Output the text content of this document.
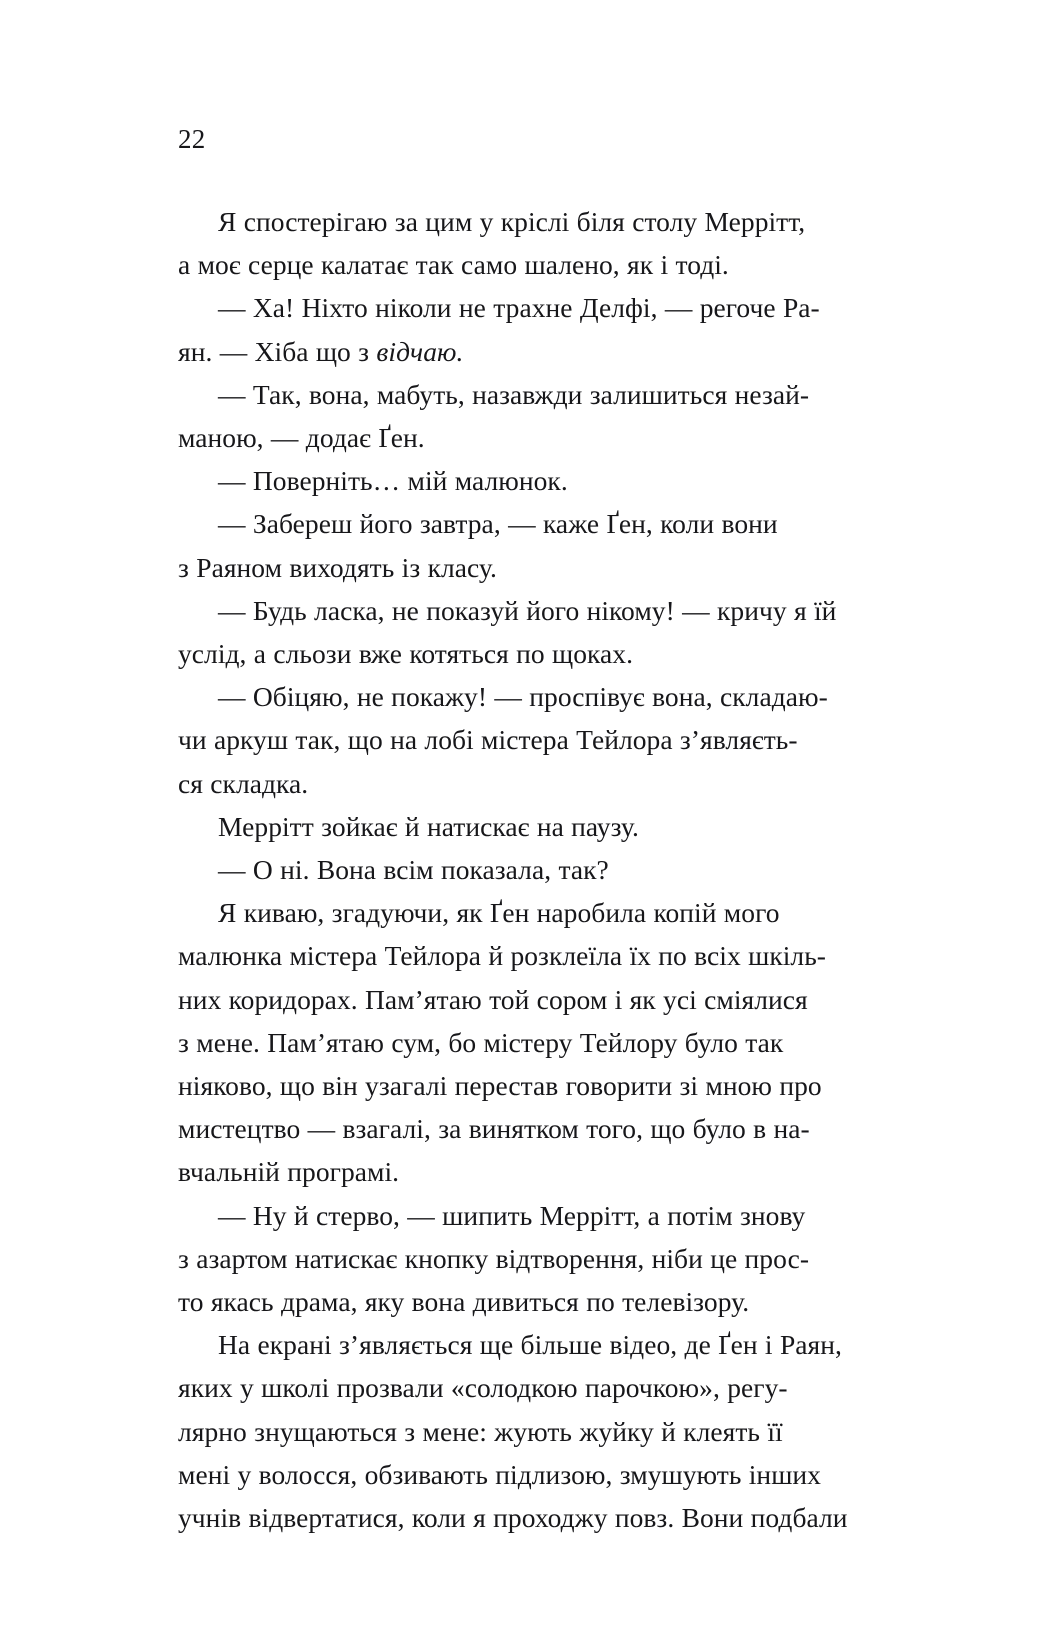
22
Я спостерігаю за цим у кріслі біля столу Меррітт,
а моє серце калатає так само шалено, як і тоді.
— Ха! Ніхто ніколи не трахне Делфі, — регоче Ра-
ян. — Хіба що з відчаю.
— Так, вона, мабуть, назавжди залишиться незай-
маною, — додає Ґен.
— Поверніть… мій малюнок.
— Забереш його завтра, — каже Ґен, коли вони
з Раяном виходять із класу.
— Будь ласка, не показуй його нікому! — кричу я їй
услід, а сльози вже котяться по щоках.
— Обіцяю, не покажу! — проспівує вона, складаю-
чи аркуш так, що на лобі містера Тейлора з’являєть-
ся складка.
Меррітт зойкає й натискає на паузу.
— О ні. Вона всім показала, так?
Я киваю, згадуючи, як Ґен наробила копій мого
малюнка містера Тейлора й розклеїла їх по всіх шкіль-
них коридорах. Пам’ятаю той сором і як усі сміялися
з мене. Пам’ятаю сум, бо містеру Тейлору було так
ніяково, що він узагалі перестав говорити зі мною про
мистецтво — взагалі, за винятком того, що було в на-
вчальній програмі.
— Ну й стерво, — шипить Меррітт, а потім знову
з азартом натискає кнопку відтворення, ніби це прос-
то якась драма, яку вона дивиться по телевізору.
На екрані з’являється ще більше відео, де Ґен і Раян,
яких у школі прозвали «солодкою парочкою», регу-
лярно знущаються з мене: жують жуйку й клеять її
мені у волосся, обзивають підлизою, змушують інших
учнів відвертатися, коли я проходжу повз. Вони подбали
